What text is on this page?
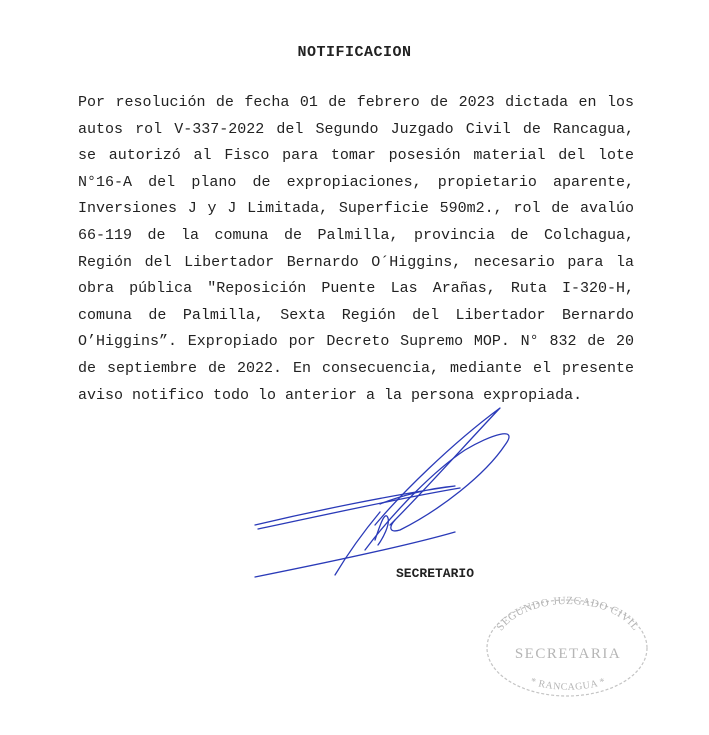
NOTIFICACION
Por resolución de fecha 01 de febrero de 2023 dictada en los autos rol V-337-2022 del Segundo Juzgado Civil de Rancagua, se autorizó al Fisco para tomar posesión material del lote N°16-A del plano de expropiaciones, propietario aparente, Inversiones J y J Limitada, Superficie 590m2., rol de avalúo 66-119 de la comuna de Palmilla, provincia de Colchagua, Región del Libertador Bernardo O´Higgins, necesario para la obra pública "Reposición Puente Las Arañas, Ruta I-320-H, comuna de Palmilla, Sexta Región del Libertador Bernardo O’Higgins”. Expropiado por Decreto Supremo MOP. N° 832 de 20 de septiembre de 2022. En consecuencia, mediante el presente aviso notifico todo lo anterior a la persona expropiada.
SECRETARIO
SEGUNDO JUZGADO CIVIL
SECRETARIA
* RANCAGUA *
